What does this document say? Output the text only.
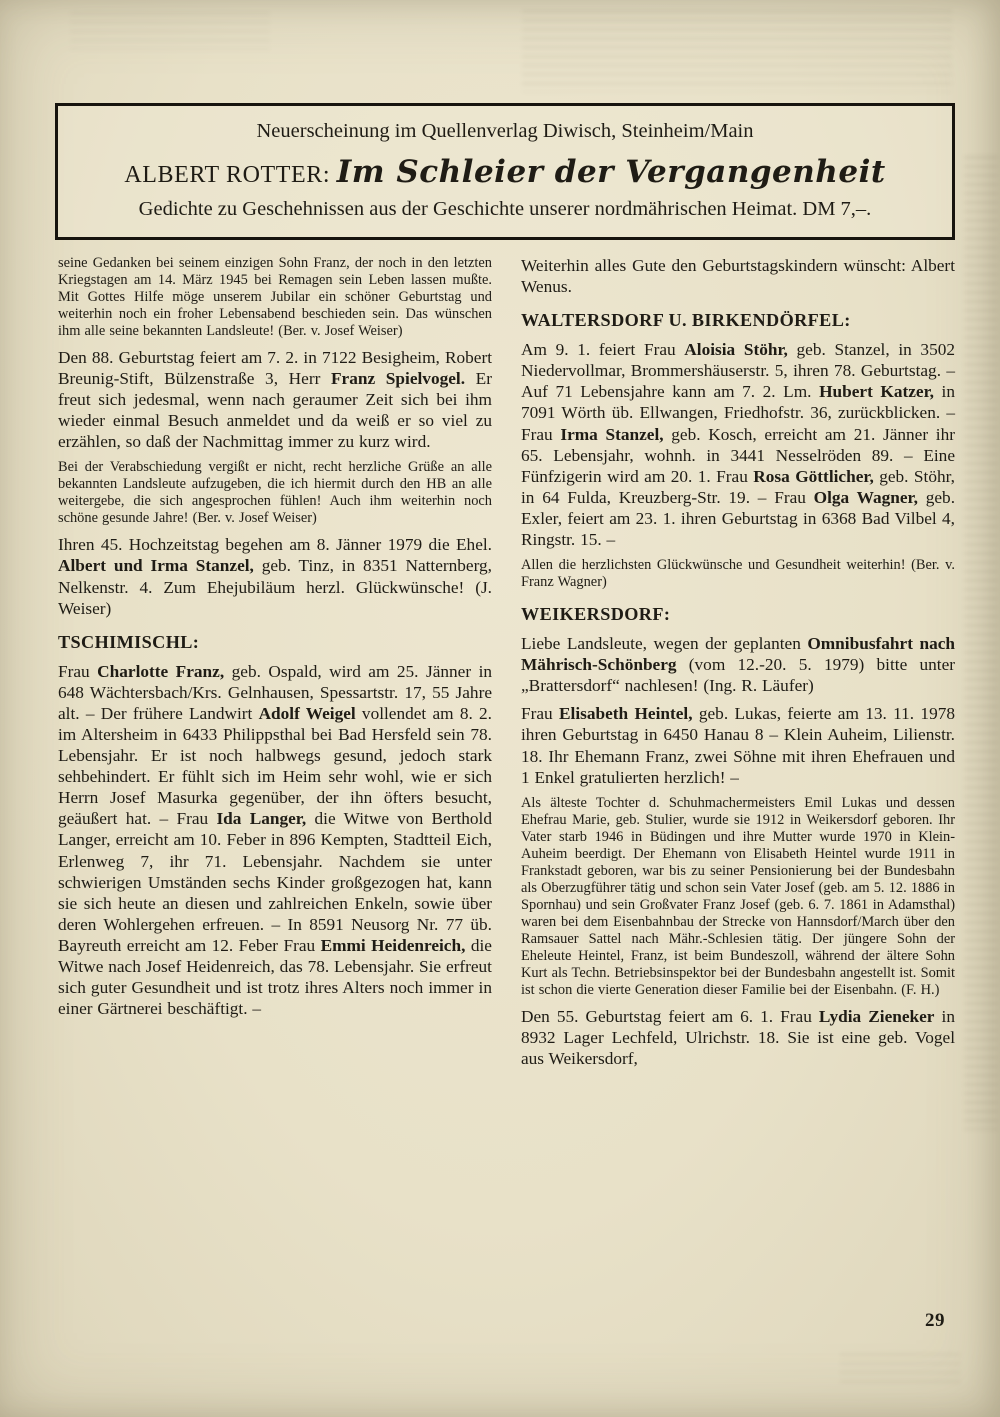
Neuerscheinung im Quellenverlag Diwisch, Steinheim/Main
ALBERT ROTTER: Im Schleier der Vergangenheit
Gedichte zu Geschehnissen aus der Geschichte unserer nordmährischen Heimat. DM 7,–.

seine Gedanken bei seinem einzigen Sohn Franz, der noch in den letzten Kriegstagen am 14. März 1945 bei Remagen sein Leben lassen mußte. Mit Gottes Hilfe möge unserem Jubilar ein schöner Geburtstag und weiterhin noch ein froher Lebensabend beschieden sein. Das wünschen ihm alle seine bekannten Landsleute! (Ber. v. Josef Weiser)

Den 88. Geburtstag feiert am 7. 2. in 7122 Besigheim, Robert Breunig-Stift, Bülzenstraße 3, Herr Franz Spielvogel. Er freut sich jedesmal, wenn nach geraumer Zeit sich bei ihm wieder einmal Besuch anmeldet und da weiß er so viel zu erzählen, so daß der Nachmittag immer zu kurz wird.

Bei der Verabschiedung vergißt er nicht, recht herzliche Grüße an alle bekannten Landsleute aufzugeben, die ich hiermit durch den HB an alle weitergebe, die sich angesprochen fühlen! Auch ihm weiterhin noch schöne gesunde Jahre! (Ber. v. Josef Weiser)

Ihren 45. Hochzeitstag begehen am 8. Jänner 1979 die Ehel. Albert und Irma Stanzel, geb. Tinz, in 8351 Natternberg, Nelkenstr. 4. Zum Ehejubiläum herzl. Glückwünsche! (J. Weiser)

TSCHIMISCHL:

Frau Charlotte Franz, geb. Ospald, wird am 25. Jänner in 648 Wächtersbach/Krs. Gelnhausen, Spessartstr. 17, 55 Jahre alt. – Der frühere Landwirt Adolf Weigel vollendet am 8. 2. im Altersheim in 6433 Philippsthal bei Bad Hersfeld sein 78. Lebensjahr. Er ist noch halbwegs gesund, jedoch stark sehbehindert. Er fühlt sich im Heim sehr wohl, wie er sich Herrn Josef Masurka gegenüber, der ihn öfters besucht, geäußert hat. – Frau Ida Langer, die Witwe von Berthold Langer, erreicht am 10. Feber in 896 Kempten, Stadtteil Eich, Erlenweg 7, ihr 71. Lebensjahr. Nachdem sie unter schwierigen Umständen sechs Kinder großgezogen hat, kann sie sich heute an diesen und zahlreichen Enkeln, sowie über deren Wohlergehen erfreuen. – In 8591 Neusorg Nr. 77 üb. Bayreuth erreicht am 12. Feber Frau Emmi Heidenreich, die Witwe nach Josef Heidenreich, das 78. Lebensjahr. Sie erfreut sich guter Gesundheit und ist trotz ihres Alters noch immer in einer Gärtnerei beschäftigt. –

Weiterhin alles Gute den Geburtstagskindern wünscht: Albert Wenus.

WALTERSDORF U. BIRKENDÖRFEL:

Am 9. 1. feiert Frau Aloisia Stöhr, geb. Stanzel, in 3502 Niedervollmar, Brommershäuserstr. 5, ihren 78. Geburtstag. – Auf 71 Lebensjahre kann am 7. 2. Lm. Hubert Katzer, in 7091 Wörth üb. Ellwangen, Friedhofstr. 36, zurückblicken. – Frau Irma Stanzel, geb. Kosch, erreicht am 21. Jänner ihr 65. Lebensjahr, wohnh. in 3441 Nesselröden 89. – Eine Fünfzigerin wird am 20. 1. Frau Rosa Göttlicher, geb. Stöhr, in 64 Fulda, Kreuzberg-Str. 19. – Frau Olga Wagner, geb. Exler, feiert am 23. 1. ihren Geburtstag in 6368 Bad Vilbel 4, Ringstr. 15. –

Allen die herzlichsten Glückwünsche und Gesundheit weiterhin! (Ber. v. Franz Wagner)

WEIKERSDORF:

Liebe Landsleute, wegen der geplanten Omnibusfahrt nach Mährisch-Schönberg (vom 12.-20. 5. 1979) bitte unter „Brattersdorf“ nachlesen! (Ing. R. Läufer)

Frau Elisabeth Heintel, geb. Lukas, feierte am 13. 11. 1978 ihren Geburtstag in 6450 Hanau 8 – Klein Auheim, Lilienstr. 18. Ihr Ehemann Franz, zwei Söhne mit ihren Ehefrauen und 1 Enkel gratulierten herzlich! –

Als älteste Tochter d. Schuhmachermeisters Emil Lukas und dessen Ehefrau Marie, geb. Stulier, wurde sie 1912 in Weikersdorf geboren. Ihr Vater starb 1946 in Büdingen und ihre Mutter wurde 1970 in Klein-Auheim beerdigt. Der Ehemann von Elisabeth Heintel wurde 1911 in Frankstadt geboren, war bis zu seiner Pensionierung bei der Bundesbahn als Oberzugführer tätig und schon sein Vater Josef (geb. am 5. 12. 1886 in Spornhau) und sein Großvater Franz Josef (geb. 6. 7. 1861 in Adamsthal) waren bei dem Eisenbahnbau der Strecke von Hannsdorf/March über den Ramsauer Sattel nach Mähr.-Schlesien tätig. Der jüngere Sohn der Eheleute Heintel, Franz, ist beim Bundeszoll, während der ältere Sohn Kurt als Techn. Betriebsinspektor bei der Bundesbahn angestellt ist. Somit ist schon die vierte Generation dieser Familie bei der Eisenbahn. (F. H.)

Den 55. Geburtstag feiert am 6. 1. Frau Lydia Zieneker in 8932 Lager Lechfeld, Ulrichstr. 18. Sie ist eine geb. Vogel aus Weikersdorf,

29
